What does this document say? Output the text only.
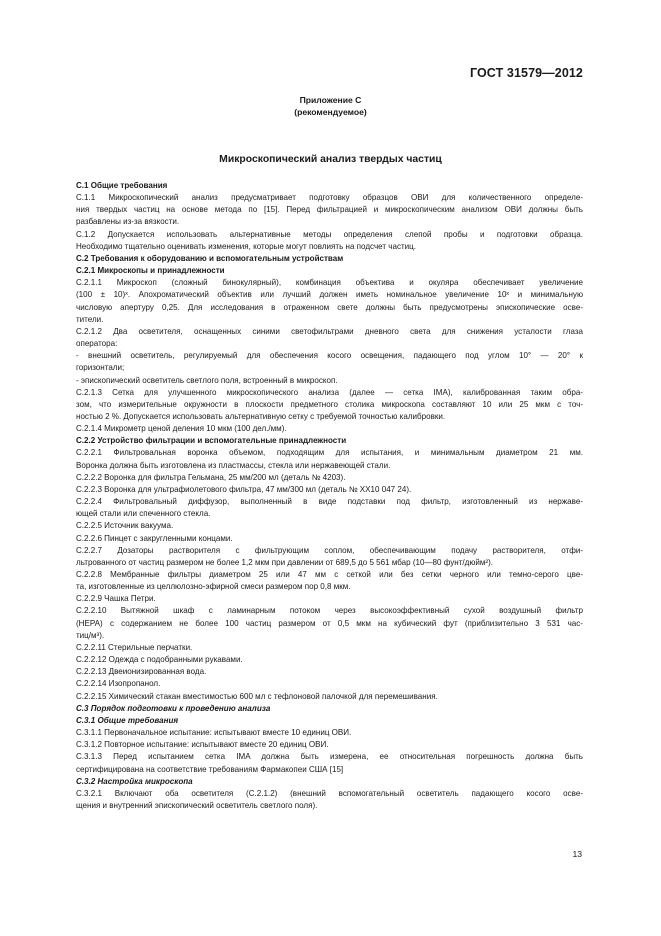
ГОСТ 31579—2012
Приложение С
(рекомендуемое)
Микроскопический анализ твердых частиц
С.1 Общие требования
С.1.1 Микроскопический анализ предусматривает подготовку образцов ОВИ для количественного определе-
ния твердых частиц на основе метода по [15]. Перед фильтрацией и микроскопическим анализом ОВИ должны быть
разбавлены из-за вязкости.
С.1.2 Допускается использовать альтернативные методы определения слепой пробы и подготовки образца.
Необходимо тщательно оценивать изменения, которые могут повлиять на подсчет частиц.
С.2 Требования к оборудованию и вспомогательным устройствам
С.2.1 Микроскопы и принадлежности
С.2.1.1 Микроскоп (сложный бинокулярный), комбинация объектива и окуляра обеспечивает увеличение
(100 ± 10)ˣ. Апохроматический объектив или лучший должен иметь номинальное увеличение 10ˣ и минимальную
числовую апертуру 0,25. Для исследования в отраженном свете должны быть предусмотрены эпископические осве-
тители.
С.2.1.2 Два осветителя, оснащенных синими светофильтрами дневного света для снижения усталости глаза
оператора:
- внешний осветитель, регулируемый для обеспечения косого освещения, падающего под углом 10° — 20° к
горизонтали;
- эпископический осветитель светлого поля, встроенный в микроскоп.
С.2.1.3 Сетка для улучшенного микроскопического анализа (далее — сетка IMA), калиброванная таким обра-
зом, что измерительные окружности в плоскости предметного столика микроскопа составляют 10 или 25 мкм с точ-
ностью 2 %. Допускается использовать альтернативную сетку с требуемой точностью калибровки.
С.2.1.4 Микрометр ценой деления 10 мкм (100 дел./мм).
С.2.2 Устройство фильтрации и вспомогательные принадлежности
С.2.2.1 Фильтровальная воронка объемом, подходящим для испытания, и минимальным диаметром 21 мм.
Воронка должна быть изготовлена из пластмассы, стекла или нержавеющей стали.
С.2.2.2 Воронка для фильтра Гельмана, 25 мм/200 мл (деталь № 4203).
С.2.2.3 Воронка для ультрафиолетового фильтра, 47 мм/300 мл (деталь № XX10 047 24).
С.2.2.4 Фильтровальный диффузор, выполненный в виде подставки под фильтр, изготовленный из нержаве-
ющей стали или спеченного стекла.
С.2.2.5 Источник вакуума.
С.2.2.6 Пинцет с закругленными концами.
С.2.2.7 Дозаторы растворителя с фильтрующим соплом, обеспечивающим подачу растворителя, отфи-
льтрованного от частиц размером не более 1,2 мкм при давлении от 689,5 до 5 561 мбар (10—80 фунт/дюйм²).
С.2.2.8 Мембранные фильтры диаметром 25 или 47 мм с сеткой или без сетки черного или темно-серого цве-
та, изготовленные из целлюлозно-эфирной смеси размером пор 0,8 мкм.
С.2.2.9 Чашка Петри.
С.2.2.10 Вытяжной шкаф с ламинарным потоком через высокоэффективный сухой воздушный фильтр
(НЕРА) с содержанием не более 100 частиц размером от 0,5 мкм на кубический фут (приблизительно 3 531 час-
тиц/м³).
С.2.2.11 Стерильные перчатки.
С.2.2.12 Одежда с подобранными рукавами.
С.2.2.13 Двеионизированная вода.
С.2.2.14 Изопропанол.
С.2.2.15 Химический стакан вместимостью 600 мл с тефлоновой палочкой для перемешивания.
С.3 Порядок подготовки к проведению анализа
С.3.1 Общие требования
С.3.1.1 Первоначальное испытание: испытывают вместе 10 единиц ОВИ.
С.3.1.2 Повторное испытание: испытывают вместе 20 единиц ОВИ.
С.3.1.3 Перед испытанием сетка IMA должна быть измерена, ее относительная погрешность должна быть
сертифицирована на соответствие требованиям Фармакопеи США [15]
С.3.2 Настройка микроскопа
С.3.2.1 Включают оба осветителя (С.2.1.2) (внешний вспомогательный осветитель падающего косого осве-
щения и внутренний эпископический осветитель светлого поля).
13
